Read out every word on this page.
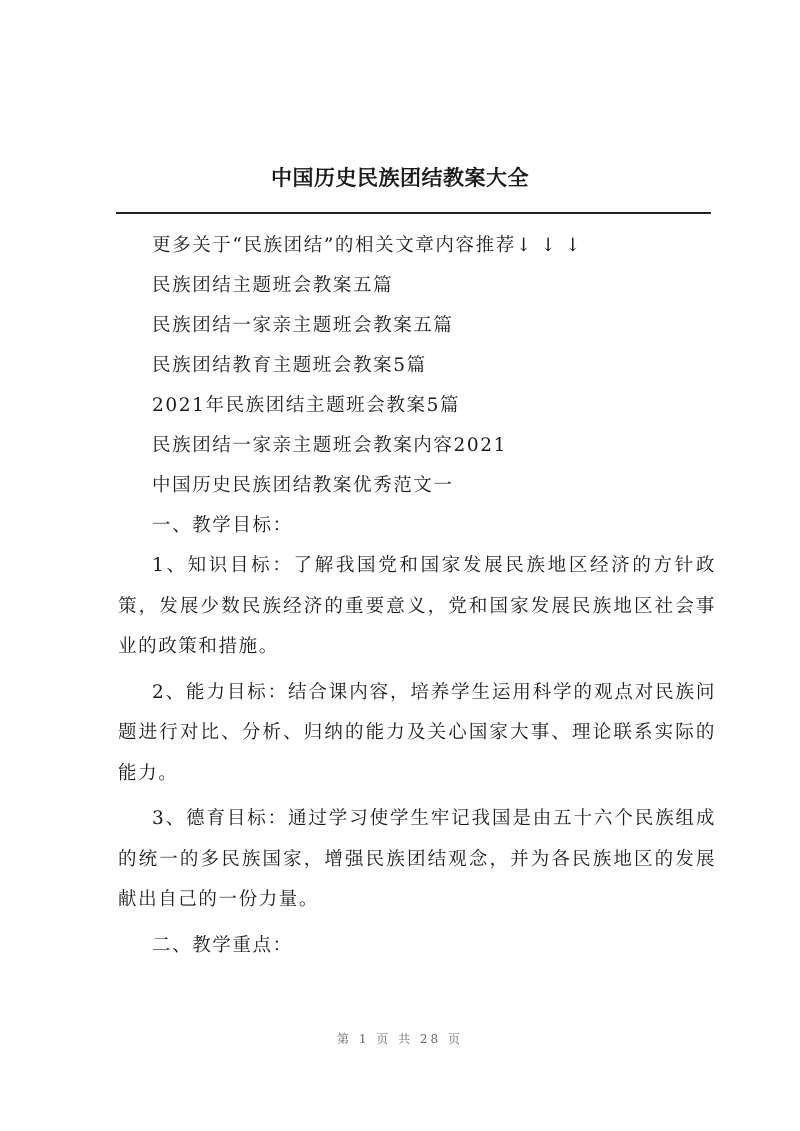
中国历史民族团结教案大全
更多关于“民族团结”的相关文章内容推荐↓ ↓ ↓
民族团结主题班会教案五篇
民族团结一家亲主题班会教案五篇
民族团结教育主题班会教案5篇
2021年民族团结主题班会教案5篇
民族团结一家亲主题班会教案内容2021
中国历史民族团结教案优秀范文一
一、教学目标：

1、知识目标：了解我国党和国家发展民族地区经济的方针政策，发展少数民族经济的重要意义，党和国家发展民族地区社会事业的政策和措施。

2、能力目标：结合课内容，培养学生运用科学的观点对民族问题进行对比、分析、归纳的能力及关心国家大事、理论联系实际的能力。

3、德育目标：通过学习使学生牢记我国是由五十六个民族组成的统一的多民族国家，增强民族团结观念，并为各民族地区的发展献出自己的一份力量。

二、教学重点：
第 1 页 共 28 页
